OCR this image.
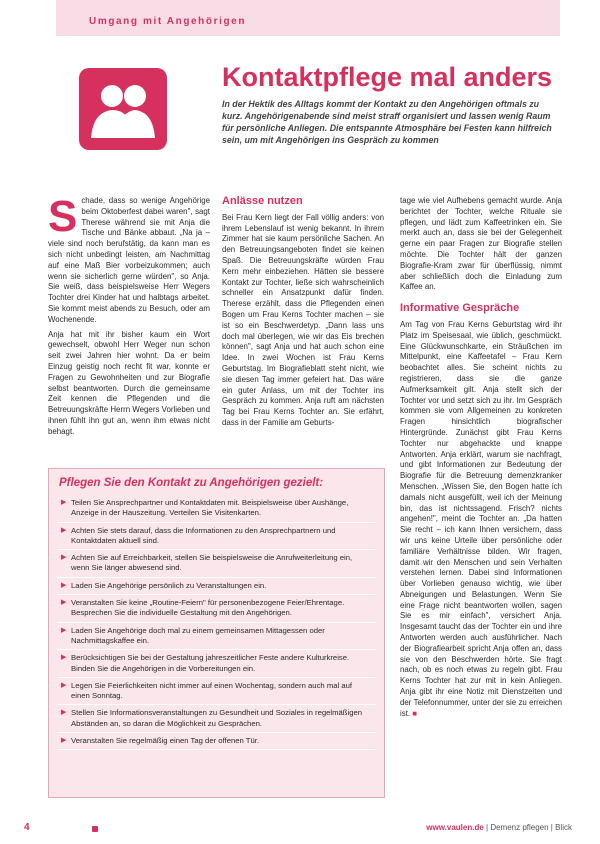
Umgang mit Angehörigen
Kontaktpflege mal anders

In der Hektik des Alltags kommt der Kontakt zu den Angehörigen oftmals zu kurz. Angehörigenabende sind meist straff organisiert und lassen wenig Raum für persönliche Anliegen. Die entspannte Atmosphäre bei Festen kann hilfreich sein, um mit Angehörigen ins Gespräch zu kommen

Schade, dass so wenige Angehörige beim Oktoberfest dabei waren", sagt Therese während sie mit Anja die Tische und Bänke abbaut. „Na ja – viele sind noch berufstätig, da kann man es sich nicht unbedingt leisten, am Nachmittag auf eine Maß Bier vorbeizukommen; auch wenn sie sicherlich gerne würden", so Anja. Sie weiß, dass beispielsweise Herr Wegers Tochter drei Kinder hat und halbtags arbeitet. Sie kommt meist abends zu Besuch, oder am Wochenende.

Anja hat mit ihr bisher kaum ein Wort gewechselt, obwohl Herr Weger nun schon seit zwei Jahren hier wohnt. Da er beim Einzug geistig noch recht fit war, konnte er Fragen zu Gewohnheiten und zur Biografie selbst beantworten. Durch die gemeinsame Zeit kennen die Pflegenden und die Betreuungskräfte Herrn Wegers Vorlieben und ihnen fühlt ihn gut an, wenn ihm etwas nicht behagt.

Anlässe nutzen

Bei Frau Kern liegt der Fall völlig anders: von ihrem Lebenslauf ist wenig bekannt. In ihrem Zimmer hat sie kaum persönliche Sachen. An den Betreuungsangeboten findet sie keinen Spaß. Die Betreuungskräfte würden Frau Kern mehr einbeziehen. Hätten sie bessere Kontakt zur Tochter, ließe sich wahrscheinlich schneller ein Ansatzpunkt dafür finden. Therese erzählt, dass die Pflegenden einen Bogen um Frau Kerns Tochter machen – sie ist so ein Beschwerdetyp. „Dann lass uns doch mal überlegen, wie wir das Eis brechen können", sagt Anja und hat auch schon eine Idee. In zwei Wochen ist Frau Kerns Geburtstag. Im Biografieblatt steht nicht, wie sie diesen Tag immer gefeiert hat. Das wäre ein guter Anlass, um mit der Tochter ins Gespräch zu kommen. Anja ruft am nächsten Tag bei Frau Kerns Tochter an. Sie erfährt, dass in der Familie am Geburts-

tage wie viel Aufhebens gemacht wurde. Anja berichtet der Tochter, welche Rituale sie pflegen, und lädt zum Kaffeetrinken ein. Sie merkt auch an, dass sie bei der Gelegenheit gerne ein paar Fragen zur Biografie stellen möchte. Die Tochter hält der ganzen Biografie-Kram zwar für überflüssig, nimmt aber schließlich doch die Einladung zum Kaffee an.

Informative Gespräche

Am Tag von Frau Kerns Geburtstag wird ihr Platz im Speisesaal, wie üblich, geschmückt. Eine Glückwunschkarte, ein Sträußchen im Mittelpunkt, eine Kaffeetafel – Frau Kern beobachtet alles. Sie scheint nichts zu registrieren, dass sie die ganze Aufmerksamkeit gilt. Anja stellt sich der Tochter vor und setzt sich zu ihr. Im Gespräch kommen sie vom Allgemeinen zu konkreten Fragen hinsichtlich biografischer Hintergründe. Zunächst gibt Frau Kerns Tochter nur abgehackte und knappe Antworten. Anja erklärt, warum sie nachfragt, und gibt Informationen zur Bedeutung der Biografie für die Betreuung demenzkranker Menschen. „Wissen Sie, den Bogen hatte ich damals nicht ausgefüllt, weil ich der Meinung bin, das ist nichtssagend. Frisch? nichts angehen!", meint die Tochter an. „Da hatten Sie recht – ich kann Ihnen versichern, dass wir uns keine Urteile über persönliche oder familiäre Verhältnisse bilden. Wir fragen, damit wir den Menschen und sein Verhalten verstehen lernen. Dabei sind Informationen über Vorlieben genauso wichtig, wie über Abneigungen und Belastungen. Wenn Sie eine Frage nicht beantworten wollen, sagen Sie es mir einfach", versichert Anja. Insgesamt taucht das der Tochter ein und ihre Antworten werden auch ausführlicher. Nach der Biografiearbeit spricht Anja offen an, dass sie von den Beschwerden hörte. Sie fragt nach, ob es noch etwas zu regeln gibt. Frau Kerns Tochter hat zur mit in kein Anliegen. Anja gibt ihr eine Notiz mit Dienstzeiten und der Telefonnummer, unter der sie zu erreichen ist. ■

Pflegen Sie den Kontakt zu Angehörigen gezielt:
▶ Teilen Sie Ansprechpartner und Kontaktdaten mit. Beispielsweise über Aushänge, Anzeige in der Hauszeitung. Verteilen Sie Visitenkarten.
▶ Achten Sie stets darauf, dass die Informationen zu den Ansprechpartnern und Kontaktdaten aktuell sind.
▶ Achten Sie auf Erreichbarkeit, stellen Sie beispielsweise die Anrufweiterleitung ein, wenn Sie länger abwesend sind.
▶ Laden Sie Angehörige persönlich zu Veranstaltungen ein.
▶ Veranstalten Sie keine „Routine-Feiern" für personenbezogene Feier/Ehrentage. Besprechen Sie die individuelle Gestaltung mit den Angehörigen.
▶ Laden Sie Angehörige doch mal zu einem gemeinsamen Mittagessen oder Nachmittagskaffee ein.
▶ Berücksichtigen Sie bei der Gestaltung jahreszeitlicher Feste andere Kulturkreise. Binden Sie die Angehörigen in die Vorbereitungen ein.
▶ Legen Sie Feierlichkeiten nicht immer auf einen Wochentag, sondern auch mal auf einen Sonntag.
▶ Stellen Sie Informationsveranstaltungen zu Gesundheit und Soziales in regelmäßigen Abständen an, so daran die Möglichkeit zu Gesprächen.
▶ Veranstalten Sie regelmäßig einen Tag der offenen Tür.
4	www.vaulen.de | Demenz pflegen | Blick
